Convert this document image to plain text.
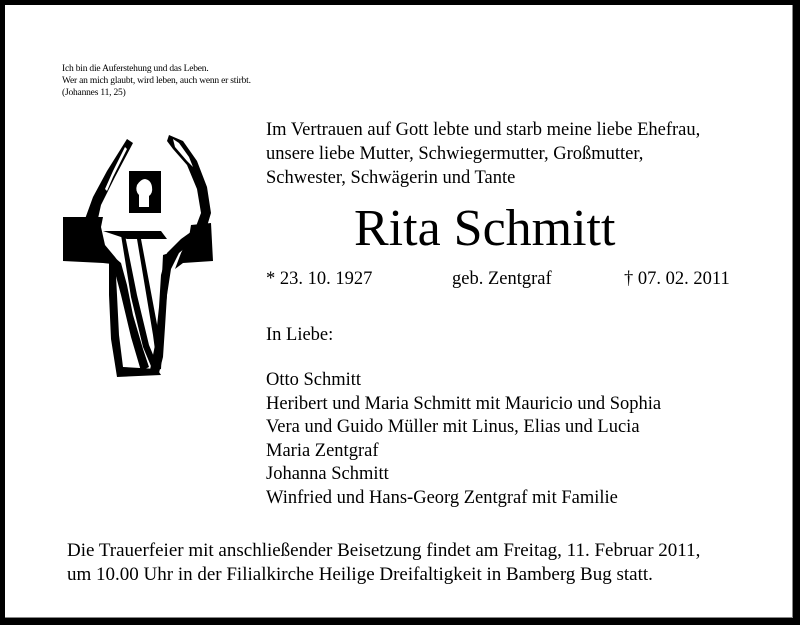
Ich bin die Auferstehung und das Leben.
Wer an mich glaubt, wird leben, auch wenn er stirbt.
(Johannes 11, 25)
Im Vertrauen auf Gott lebte und starb meine liebe Ehefrau,
unsere liebe Mutter, Schwiegermutter, Großmutter,
Schwester, Schwägerin und Tante
Rita Schmitt
* 23. 10. 1927	geb. Zentgraf	† 07. 02. 2011
In Liebe:
Otto Schmitt
Heribert und Maria Schmitt mit Mauricio und Sophia
Vera und Guido Müller mit Linus, Elias und Lucia
Maria Zentgraf
Johanna Schmitt
Winfried und Hans-Georg Zentgraf mit Familie
Die Trauerfeier mit anschließender Beisetzung findet am Freitag, 11. Februar 2011,
um 10.00 Uhr in der Filialkirche Heilige Dreifaltigkeit in Bamberg Bug statt.
